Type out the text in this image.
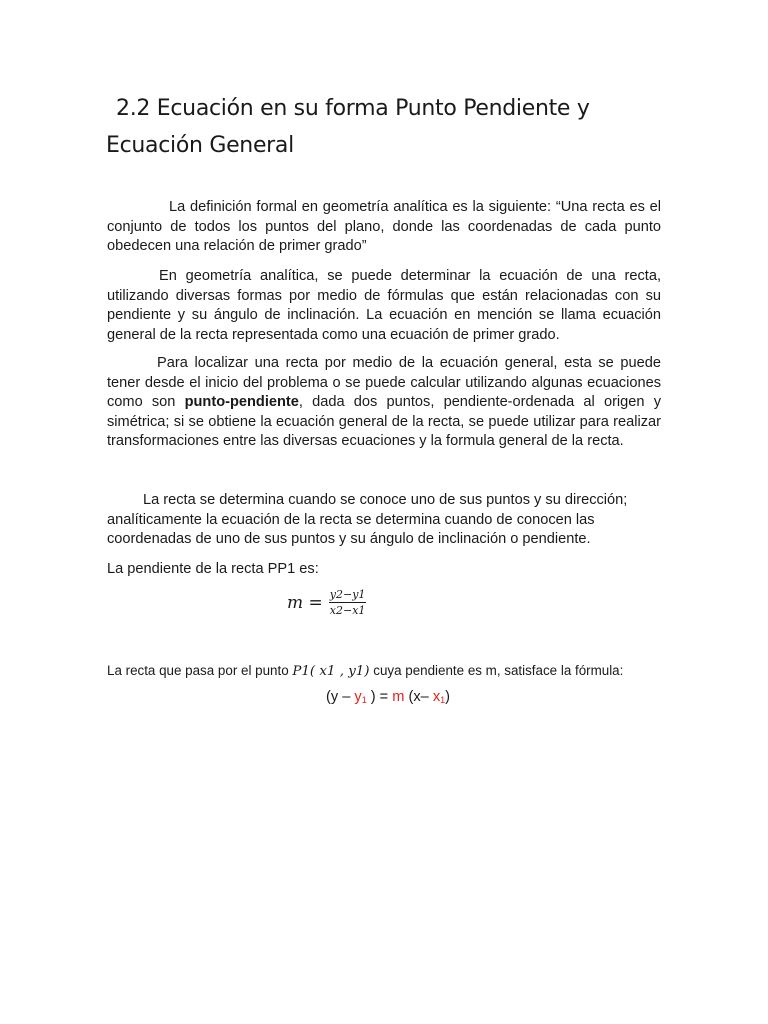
2.2 Ecuación en su forma Punto Pendiente y Ecuación General

La definición formal en geometría analítica es la siguiente: “Una recta es el conjunto de todos los puntos del plano, donde las coordenadas de cada punto obedecen una relación de primer grado”

En geometría analítica, se puede determinar la ecuación de una recta, utilizando diversas formas por medio de fórmulas que están relacionadas con su pendiente y su ángulo de inclinación. La ecuación en mención se llama ecuación general de la recta representada como una ecuación de primer grado.

Para localizar una recta por medio de la ecuación general, esta se puede tener desde el inicio del problema o se puede calcular utilizando algunas ecuaciones como son punto-pendiente, dada dos puntos, pendiente-ordenada al origen y simétrica; si se obtiene la ecuación general de la recta, se puede utilizar para realizar transformaciones entre las diversas ecuaciones y la formula general de la recta.

La recta se determina cuando se conoce uno de sus puntos y su dirección; analíticamente la ecuación de la recta se determina cuando de conocen las coordenadas de uno de sus puntos y su ángulo de inclinación o pendiente.

La pendiente de la recta PP1 es:

$m = \frac{y2-y1}{x2-x1}$

La recta que pasa por el punto P1( x1 , y1) cuya pendiente es m, satisface la fórmula:

($y - y_1$ ) = m (x– $x_1$)
